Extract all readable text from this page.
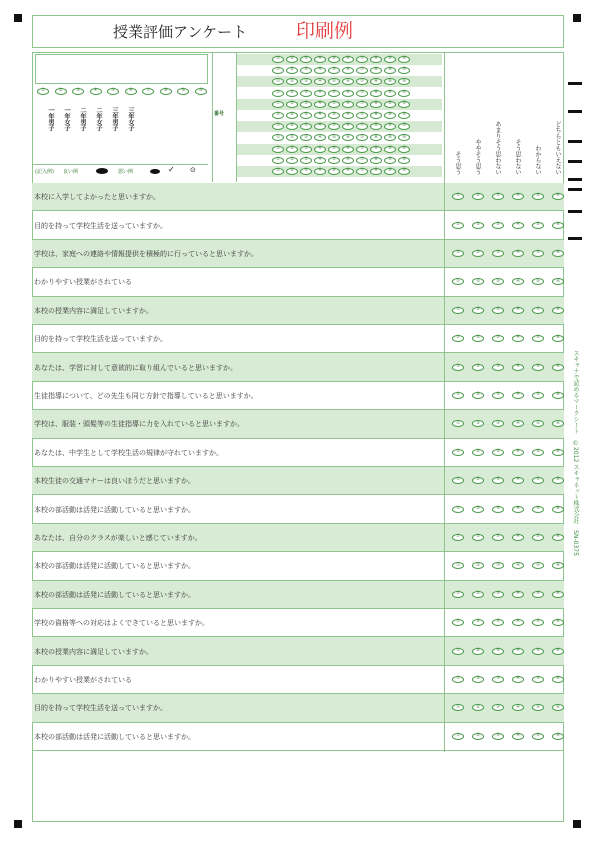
授業評価アンケート	印刷例
①	②	③	④	⑤	⑥	⑦	⑧	⑨	⑩
一年男子	一年女子	二年男子	二年女子	三年男子	三年女子
(記入例) 良い例	悪い例	✓ ⊙
番号
①	②	③	④	⑤	⑥	⑦	⑧	⑨	⑩
①	②	③	④	⑤	⑥	⑦	⑧	⑨	⑩
①	②	③	④	⑤	⑥	⑦	⑧	⑨	⑩
①	②	③	④	⑤	⑥	⑦	⑧	⑨	⑩
①	②	③	④	⑤	⑥	⑦	⑧	⑨	⑩
①	②	③	④	⑤	⑥	⑦	⑧	⑨	⑩
①	②	③	④	⑤	⑥	⑦	⑧	⑨	⑩
①	②	③	④	⑤	⑥	⑦	⑧	⑨	⑩
①	②	③	④	⑤	⑥	⑦	⑧	⑨	⑩
①	②	③	④	⑤	⑥	⑦	⑧	⑨	⑩
①	②	③	④	⑤	⑥	⑦	⑧	⑨	⑩	そう思う	ややそう思う	あまりそう思わない	そう思わない	わからない	どちらともいえない
本校に入学してよかったと思いますか。	①	②	③	④	⑤	⑥
目的を持って学校生活を送っていますか。	①	②	③	④	⑤	⑥
学校は、家庭への連絡や情報提供を積極的に行っていると思いますか。	①	②	③	④	⑤	⑥
わかりやすい授業がされている	①	②	③	④	⑤	⑥
本校の授業内容に満足していますか。	①	②	③	④	⑤	⑥
目的を持って学校生活を送っていますか。	①	②	③	④	⑤	⑥
あなたは、学習に対して意欲的に取り組んでいると思いますか。	①	②	③	④	⑤	⑥
生徒指導について、どの先生も同じ方針で指導していると思いますか。	①	②	③	④	⑤	⑥
学校は、服装・頭髪等の生徒指導に力を入れていると思いますか。	①	②	③	④	⑤	⑥
あなたは、中学生として学校生活の規律が守れていますか。	①	②	③	④	⑤	⑥
本校生徒の交通マナーは良いほうだと思いますか。	①	②	③	④	⑤	⑥
本校の部活動は活発に活動していると思いますか。	①	②	③	④	⑤	⑥
あなたは、自分のクラスが楽しいと感じていますか。	①	②	③	④	⑤	⑥
本校の部活動は活発に活動していると思いますか。	①	②	③	④	⑤	⑥
本校の部活動は活発に活動していると思いますか。	①	②	③	④	⑤	⑥
学校の資格等への対応はよくできていると思いますか。	①	②	③	④	⑤	⑥
本校の授業内容に満足していますか。	①	②	③	④	⑤	⑥
わかりやすい授業がされている	①	②	③	④	⑤	⑥
目的を持って学校生活を送っていますか。	①	②	③	④	⑤	⑥
本校の部活動は活発に活動していると思いますか。	①	②	③	④	⑤	⑥
スキャナで読めるマークシート　©2012 スキャネット株式会社　SN-0375
